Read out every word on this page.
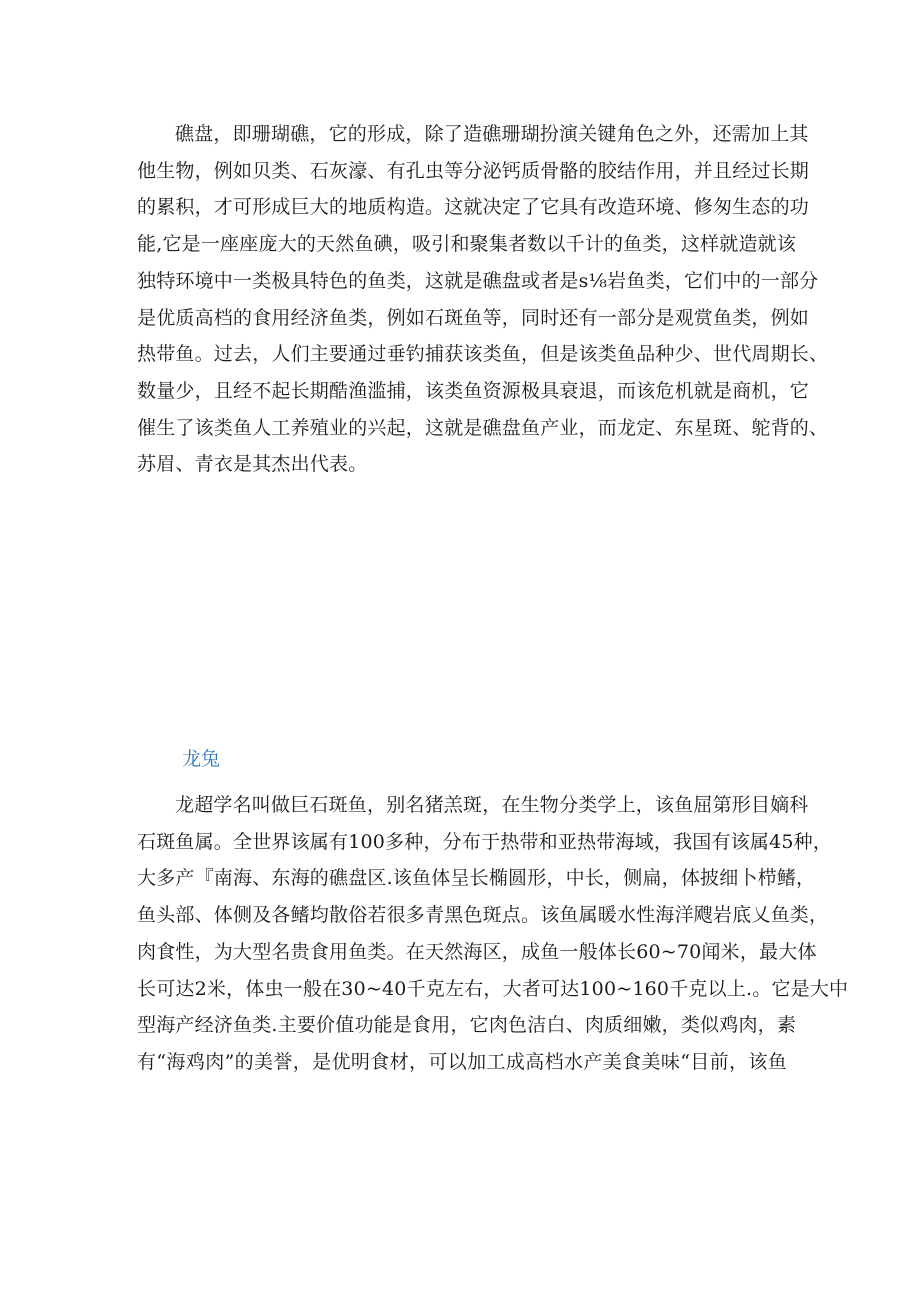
礁盘，即珊瑚礁，它的形成，除了造礁珊瑚扮演关键角色之外，还需加上其
他生物，例如贝类、石灰濠、有孔虫等分泌钙质骨骼的胶结作用，并且经过长期
的累积，才可形成巨大的地质构造。这就决定了它具有改造环境、修匆生态的功
能,它是一座座庞大的天然鱼碘，吸引和聚集者数以千计的鱼类，这样就造就该
独特环境中一类极具特色的鱼类，这就是礁盘或者是s⅛岩鱼类，它们中的一部分
是优质高档的食用经济鱼类，例如石斑鱼等，同时还有一部分是观赏鱼类，例如
热带鱼。过去，人们主要通过垂钓捕获该类鱼，但是该类鱼品种少、世代周期长、
数量少，且经不起长期酷渔滥捕，该类鱼资源极具衰退，而该危机就是商机，它
催生了该类鱼人工养殖业的兴起，这就是礁盘鱼产业，而龙定、东星斑、鸵背的、
苏眉、青衣是其杰出代表。

龙兔

龙超学名叫做巨石斑鱼，别名猪羔斑，在生物分类学上，该鱼屈第形目嫡科
石斑鱼属。全世界该属有100多种，分布于热带和亚热带海域，我国有该属45种，
大多产『南海、东海的礁盘区.该鱼体呈长椭圆形，中长，侧扁，体披细卜栉鳍，
鱼头部、体侧及各鳍均散俗若很多青黑色斑点。该鱼属暖水性海洋飕岩底乂鱼类，
肉食性，为大型名贵食用鱼类。在天然海区，成鱼一般体长60~70闻米，最大体
长可达2米，体虫一般在30~40千克左右，大者可达100~160千克以上.。它是大中
型海产经济鱼类.主要价值功能是食用，它肉色洁白、肉质细嫩，类似鸡肉，素
有“海鸡肉”的美誉，是优明食材，可以加工成高档水产美食美味“目前，该鱼
